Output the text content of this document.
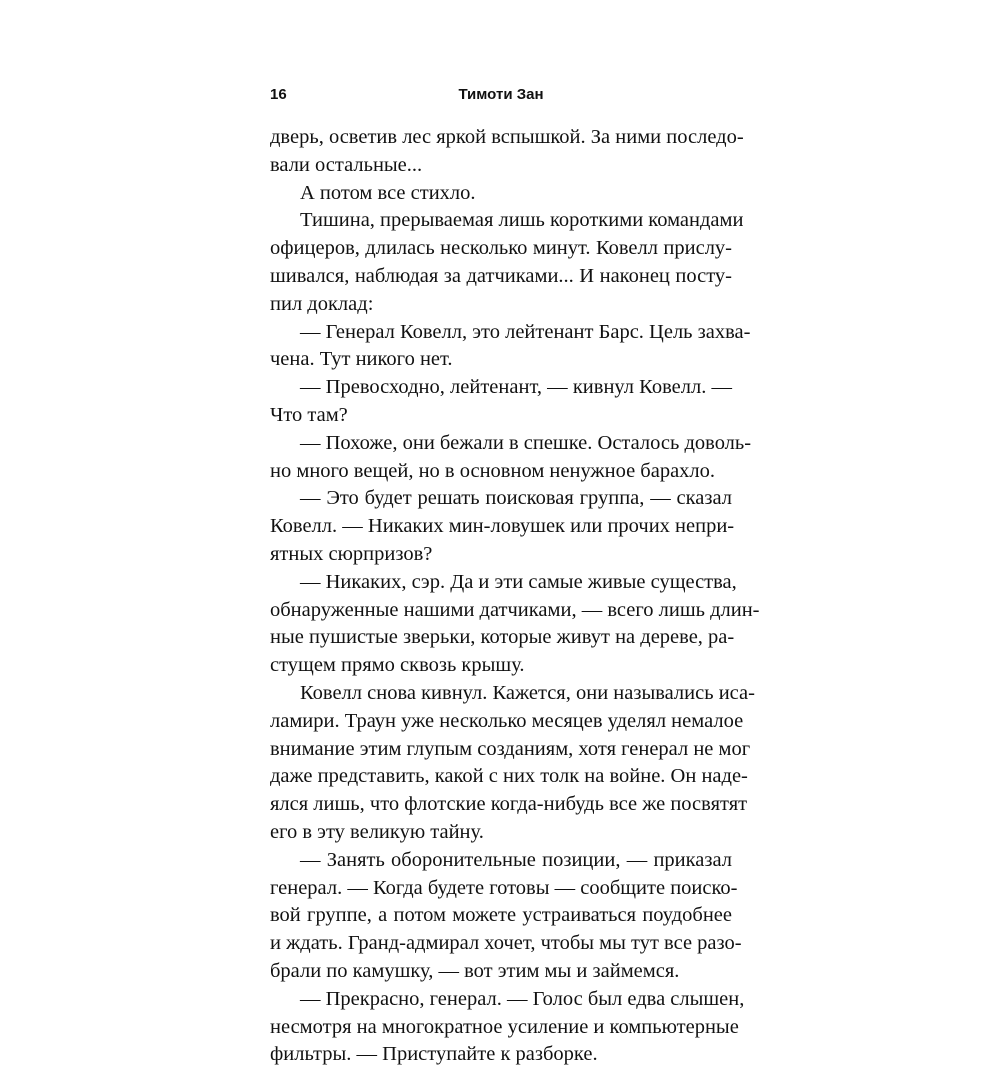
16	Тимоти Зан
дверь, осветив лес яркой вспышкой. За ними последо-
вали остальные...
А потом все стихло.
Тишина, прерываемая лишь короткими командами
офицеров, длилась несколько минут. Ковелл прислу-
шивался, наблюдая за датчиками... И наконец посту-
пил доклад:
— Генерал Ковелл, это лейтенант Барс. Цель захва-
чена. Тут никого нет.
— Превосходно, лейтенант, — кивнул Ковелл. —
Что там?
— Похоже, они бежали в спешке. Осталось доволь-
но много вещей, но в основном ненужное барахло.
— Это будет решать поисковая группа, — сказал
Ковелл. — Никаких мин-ловушек или прочих непри-
ятных сюрпризов?
— Никаких, сэр. Да и эти самые живые существа,
обнаруженные нашими датчиками, — всего лишь длин-
ные пушистые зверьки, которые живут на дереве, ра-
стущем прямо сквозь крышу.
Ковелл снова кивнул. Кажется, они назывались иса-
ламири. Траун уже несколько месяцев уделял немалое
внимание этим глупым созданиям, хотя генерал не мог
даже представить, какой с них толк на войне. Он наде-
ялся лишь, что флотские когда-нибудь все же посвятят
его в эту великую тайну.
— Занять оборонительные позиции, — приказал
генерал. — Когда будете готовы — сообщите поиско-
вой группе, а потом можете устраиваться поудобнее
и ждать. Гранд-адмирал хочет, чтобы мы тут все разо-
брали по камушку, — вот этим мы и займемся.
— Прекрасно, генерал. — Голос был едва слышен,
несмотря на многократное усиление и компьютерные
фильтры. — Приступайте к разборке.
